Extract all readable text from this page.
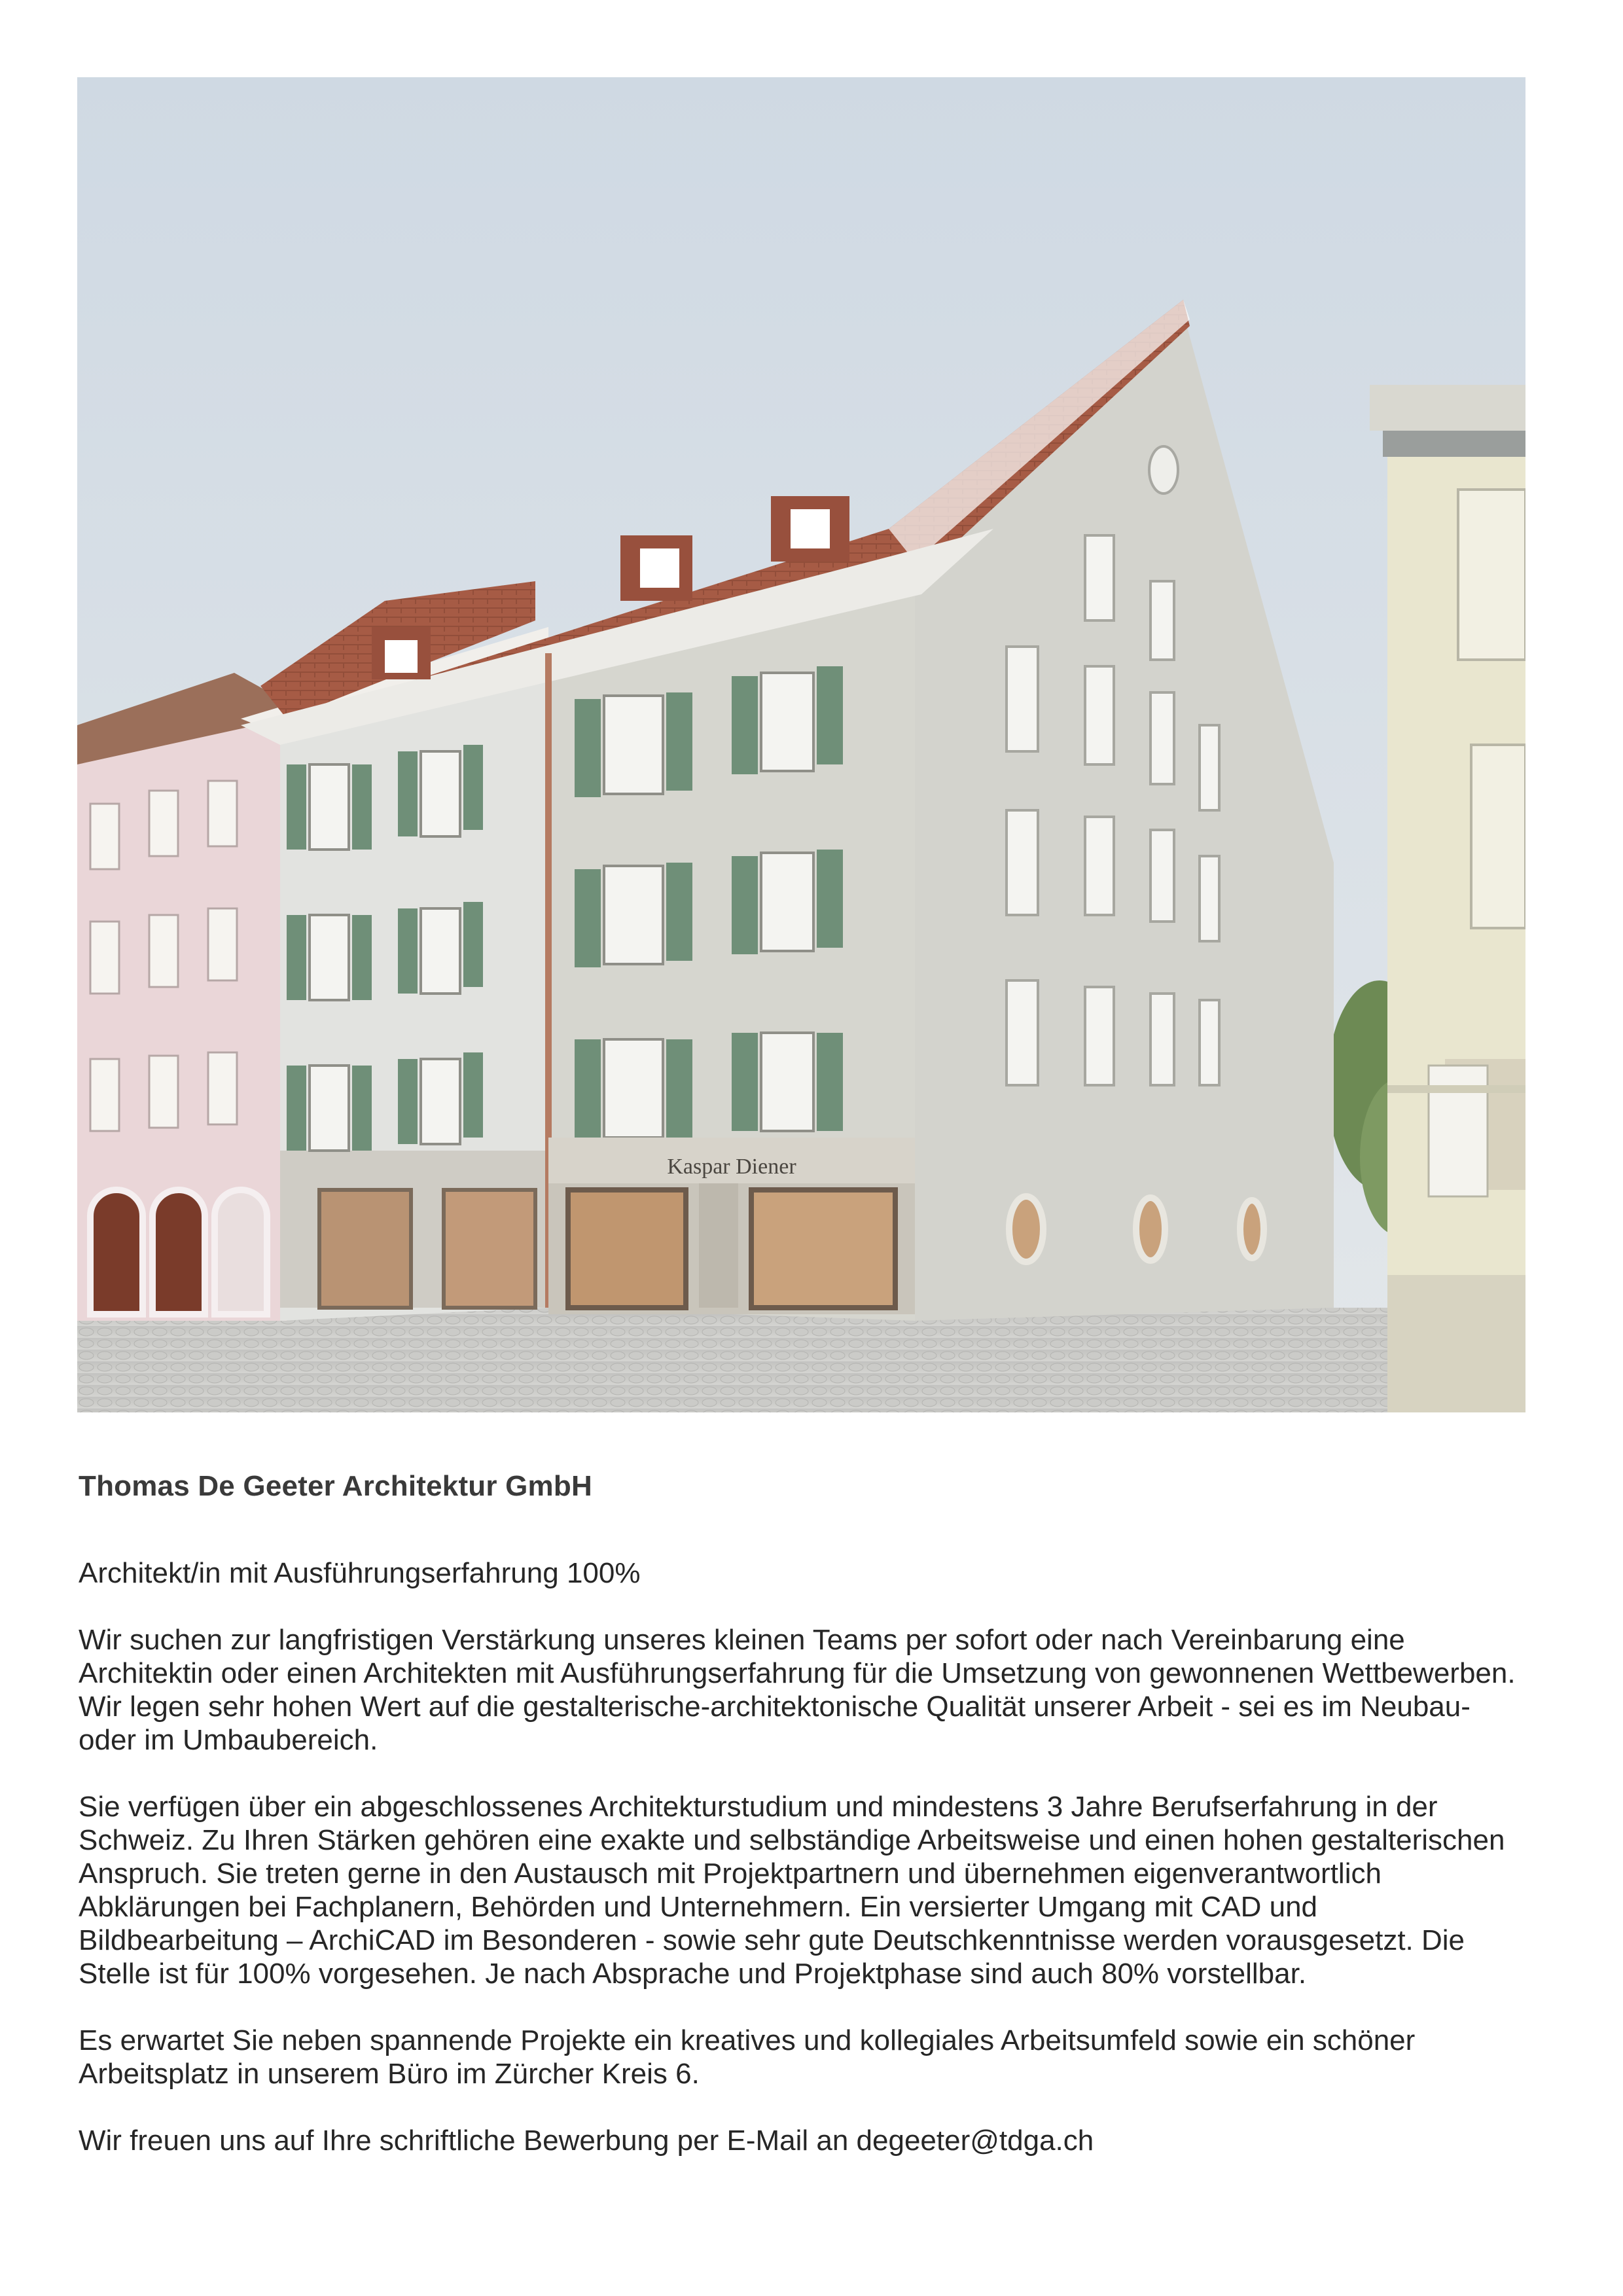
Kaspar Diener
Thomas De Geeter Architektur GmbH

Architekt/in mit Ausführungserfahrung 100%

Wir suchen zur langfristigen Verstärkung unseres kleinen Teams per sofort oder nach Vereinbarung eine Architektin oder einen Architekten mit Ausführungserfahrung für die Umsetzung von gewonnenen Wettbewerben. Wir legen sehr hohen Wert auf die gestalterische-architektonische Qualität unserer Arbeit - sei es im Neubau- oder im Umbaubereich.

Sie verfügen über ein abgeschlossenes Architekturstudium und mindestens 3 Jahre Berufserfahrung in der Schweiz. Zu Ihren Stärken gehören eine exakte und selbständige Arbeitsweise und einen hohen gestalterischen Anspruch. Sie treten gerne in den Austausch mit Projektpartnern und übernehmen eigenverantwortlich Abklärungen bei Fachplanern, Behörden und Unternehmern. Ein versierter Umgang mit CAD und Bildbearbeitung – ArchiCAD im Besonderen - sowie sehr gute Deutschkenntnisse werden vorausgesetzt. Die Stelle ist für 100% vorgesehen. Je nach Absprache und Projektphase sind auch 80% vorstellbar.

Es erwartet Sie neben spannende Projekte ein kreatives und kollegiales Arbeitsumfeld sowie ein schöner Arbeitsplatz in unserem Büro im Zürcher Kreis 6.

Wir freuen uns auf Ihre schriftliche Bewerbung per E-Mail an degeeter@tdga.ch
